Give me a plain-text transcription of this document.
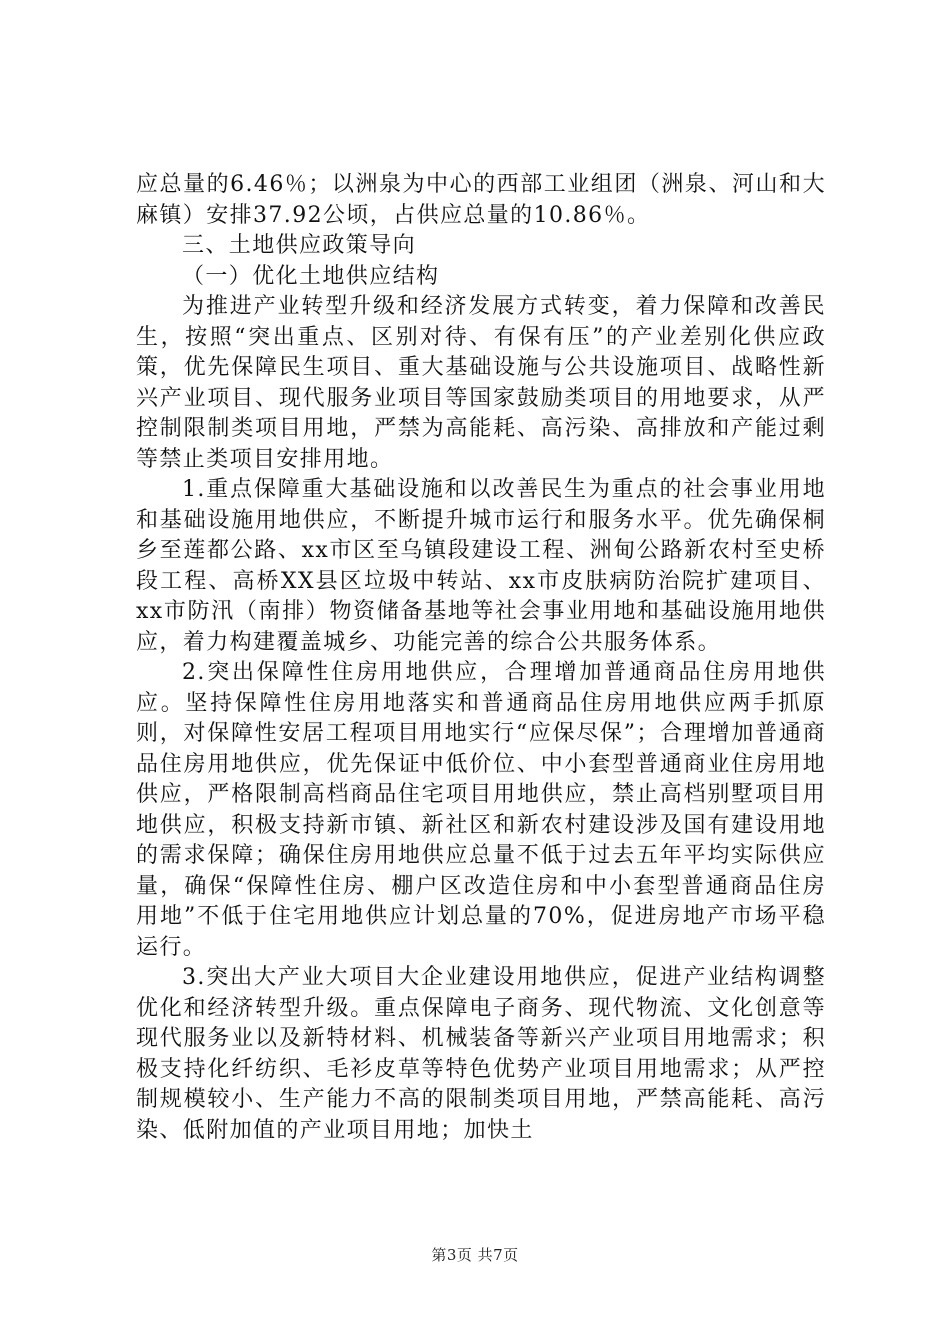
应总量的6.46％；以洲泉为中心的西部工业组团（洲泉、河山和大麻镇）安排37.92公顷，占供应总量的10.86％。

三、土地供应政策导向

（一）优化土地供应结构

为推进产业转型升级和经济发展方式转变，着力保障和改善民生，按照“突出重点、区别对待、有保有压”的产业差别化供应政策，优先保障民生项目、重大基础设施与公共设施项目、战略性新兴产业项目、现代服务业项目等国家鼓励类项目的用地要求，从严控制限制类项目用地，严禁为高能耗、高污染、高排放和产能过剩等禁止类项目安排用地。

1.重点保障重大基础设施和以改善民生为重点的社会事业用地和基础设施用地供应，不断提升城市运行和服务水平。优先确保桐乡至莲都公路、xx市区至乌镇段建设工程、洲甸公路新农村至史桥段工程、高桥XX县区垃圾中转站、xx市皮肤病防治院扩建项目、xx市防汛（南排）物资储备基地等社会事业用地和基础设施用地供应，着力构建覆盖城乡、功能完善的综合公共服务体系。

2.突出保障性住房用地供应，合理增加普通商品住房用地供应。坚持保障性住房用地落实和普通商品住房用地供应两手抓原则，对保障性安居工程项目用地实行“应保尽保”；合理增加普通商品住房用地供应，优先保证中低价位、中小套型普通商业住房用地供应，严格限制高档商品住宅项目用地供应，禁止高档别墅项目用地供应，积极支持新市镇、新社区和新农村建设涉及国有建设用地的需求保障；确保住房用地供应总量不低于过去五年平均实际供应量，确保“保障性住房、棚户区改造住房和中小套型普通商品住房用地”不低于住宅用地供应计划总量的70%，促进房地产市场平稳运行。

3.突出大产业大项目大企业建设用地供应，促进产业结构调整优化和经济转型升级。重点保障电子商务、现代物流、文化创意等现代服务业以及新特材料、机械装备等新兴产业项目用地需求；积极支持化纤纺织、毛衫皮草等特色优势产业项目用地需求；从严控制规模较小、生产能力不高的限制类项目用地，严禁高能耗、高污染、低附加值的产业项目用地；加快土

第3页 共7页
